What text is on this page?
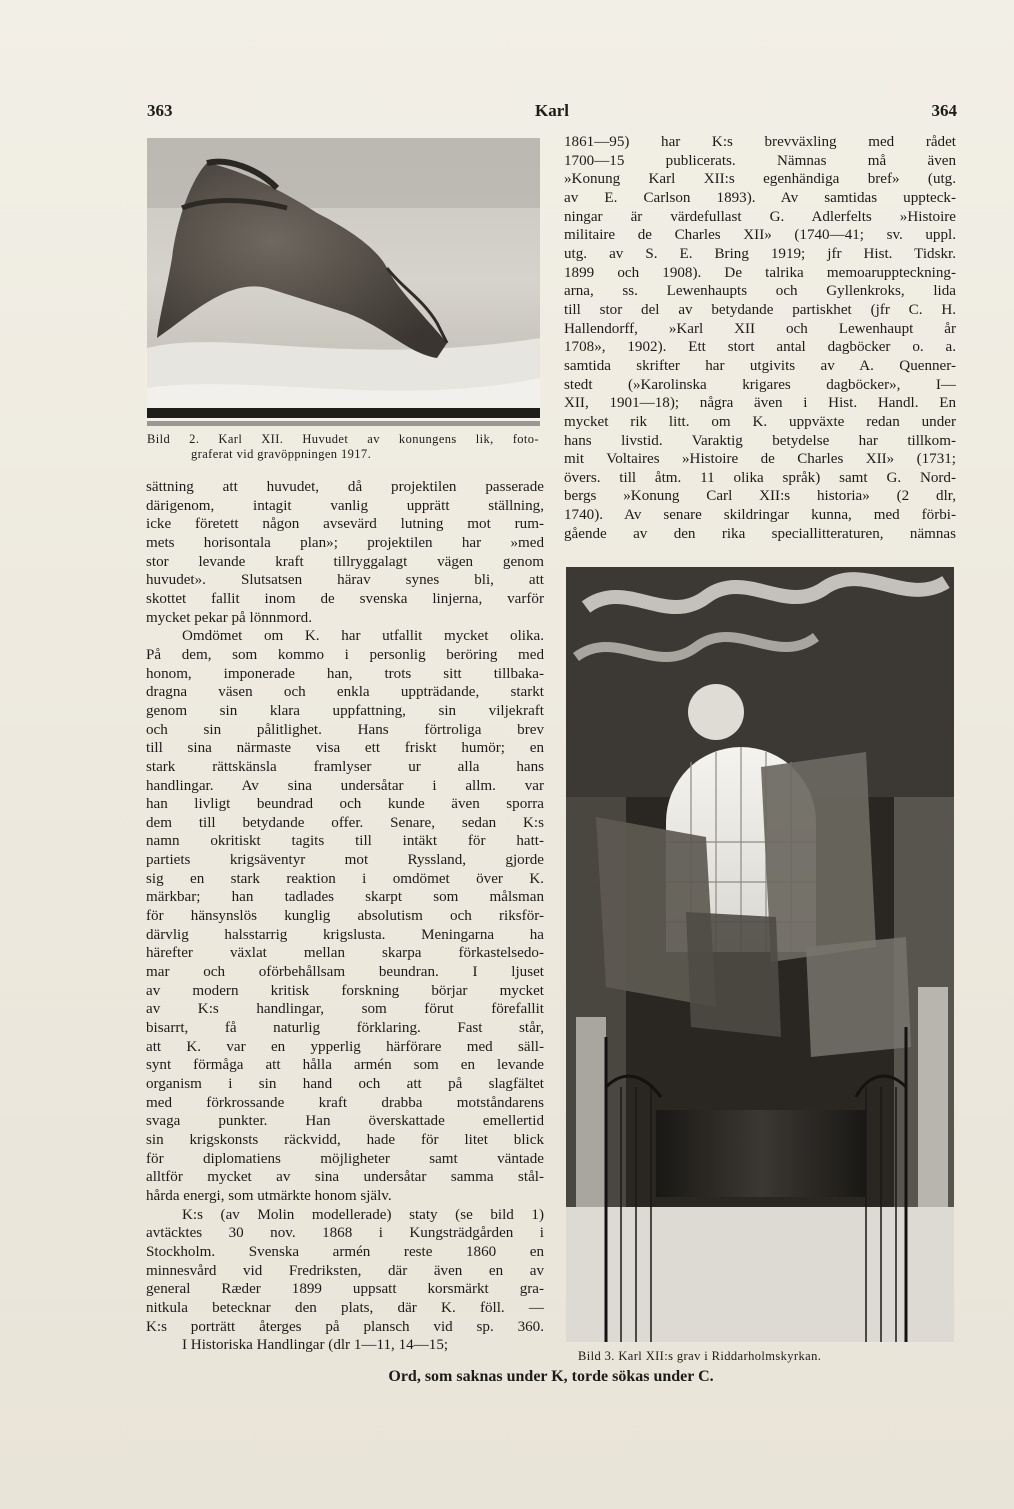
363	Karl	364
Bild 2. Karl XII. Huvudet av konungens lik, foto-
graferat vid gravöppningen 1917.
sättning att huvudet, då projektilen passerade
därigenom, intagit vanlig upprätt ställning,
icke företett någon avsevärd lutning mot rum-
mets horisontala plan»; projektilen har »med
stor levande kraft tillryggalagt vägen genom
huvudet». Slutsatsen härav synes bli, att
skottet fallit inom de svenska linjerna, varför
mycket pekar på lönnmord.
Omdömet om K. har utfallit mycket olika.
På dem, som kommo i personlig beröring med
honom, imponerade han, trots sitt tillbaka-
dragna väsen och enkla uppträdande, starkt
genom sin klara uppfattning, sin viljekraft
och sin pålitlighet. Hans förtroliga brev
till sina närmaste visa ett friskt humör; en
stark rättskänsla framlyser ur alla hans
handlingar. Av sina undersåtar i allm. var
han livligt beundrad och kunde även sporra
dem till betydande offer. Senare, sedan K:s
namn okritiskt tagits till intäkt för hatt-
partiets krigsäventyr mot Ryssland, gjorde
sig en stark reaktion i omdömet över K.
märkbar; han tadlades skarpt som målsman
för hänsynslös kunglig absolutism och riksför-
därvlig halsstarrig krigslusta. Meningarna ha
härefter växlat mellan skarpa förkastelsedo-
mar och oförbehållsam beundran. I ljuset
av modern kritisk forskning börjar mycket
av K:s handlingar, som förut förefallit
bisarrt, få naturlig förklaring. Fast står,
att K. var en ypperlig härförare med säll-
synt förmåga att hålla armén som en levande
organism i sin hand och att på slagfältet
med förkrossande kraft drabba motståndarens
svaga punkter. Han överskattade emellertid
sin krigskonsts räckvidd, hade för litet blick
för diplomatiens möjligheter samt väntade
alltför mycket av sina undersåtar samma stål-
hårda energi, som utmärkte honom själv.
K:s (av Molin modellerade) staty (se bild 1)
avtäcktes 30 nov. 1868 i Kungsträdgården i
Stockholm. Svenska armén reste 1860 en
minnesvård vid Fredriksten, där även en av
general Ræder 1899 uppsatt korsmärkt gra-
nitkula betecknar den plats, där K. föll. —
K:s porträtt återges på plansch vid sp. 360.
I Historiska Handlingar (dlr 1—11, 14—15;
1861—95) har K:s brevväxling med rådet
1700—15 publicerats. Nämnas må även
»Konung Karl XII:s egenhändiga bref» (utg.
av E. Carlson 1893). Av samtidas uppteck-
ningar är värdefullast G. Adlerfelts »Histoire
militaire de Charles XII» (1740—41; sv. uppl.
utg. av S. E. Bring 1919; jfr Hist. Tidskr.
1899 och 1908). De talrika memoaruppteckning-
arna, ss. Lewenhaupts och Gyllenkroks, lida
till stor del av betydande partiskhet (jfr C. H.
Hallendorff, »Karl XII och Lewenhaupt år
1708», 1902). Ett stort antal dagböcker o. a.
samtida skrifter har utgivits av A. Quenner-
stedt (»Karolinska krigares dagböcker», I—
XII, 1901—18); några även i Hist. Handl. En
mycket rik litt. om K. uppväxte redan under
hans livstid. Varaktig betydelse har tillkom-
mit Voltaires »Histoire de Charles XII» (1731;
övers. till åtm. 11 olika språk) samt G. Nord-
bergs »Konung Carl XII:s historia» (2 dlr,
1740). Av senare skildringar kunna, med förbi-
gående av den rika speciallitteraturen, nämnas
Bild 3. Karl XII:s grav i Riddarholmskyrkan.
Ord, som saknas under K, torde sökas under C.
